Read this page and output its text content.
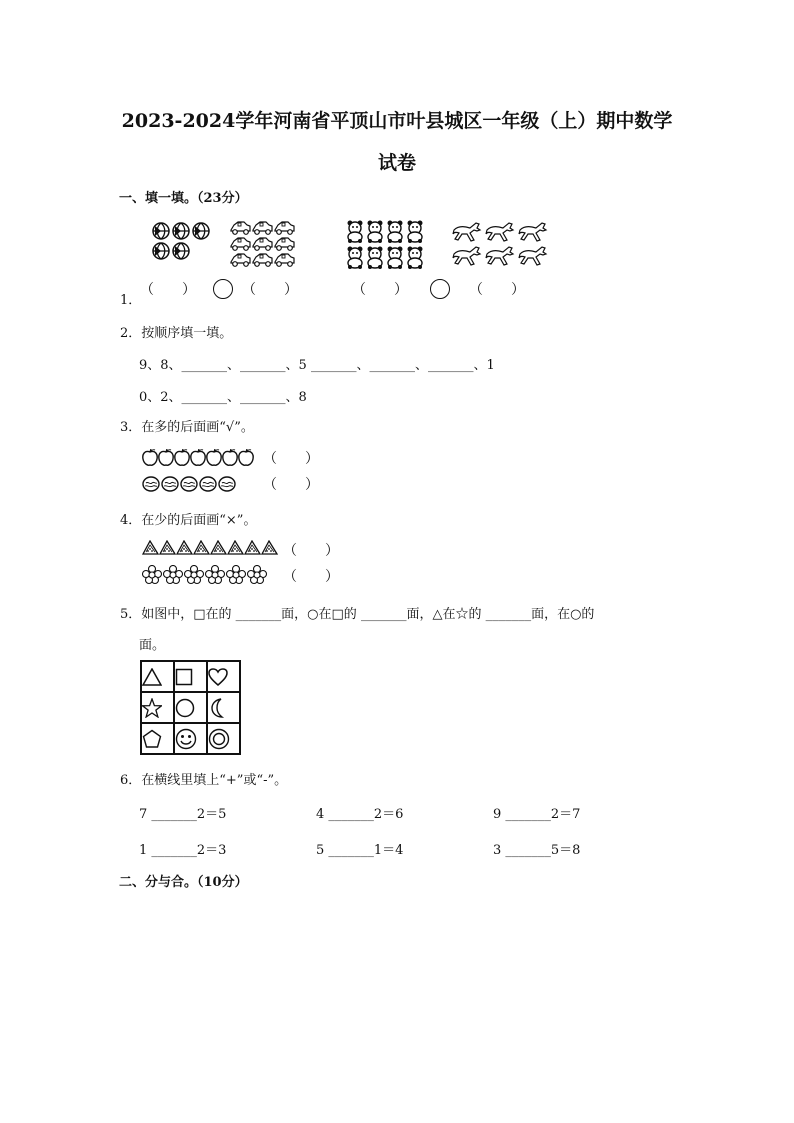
2023-2024学年河南省平顶山市叶县城区一年级（上）期中数学
试卷
一、填一填。（23分）
1．
（　　）	（　　）	（　　）	（　　）
2．按顺序填一填。
9、8、_______、_______、5 _______、_______、_______、1
0、2、_______、_______、8
3．在多的后面画“√”。
（　　）
（　　）
4．在少的后面画“×”。
（　　）
（　　）
5．如图中，□在的 _______面，○在□的 _______面，△在☆的 _______面，在○的
面。

6．在横线里填上“+”或“-”。
7 _______2＝5	4 _______2＝6	9 _______2＝7
1 _______2＝3	5 _______1＝4	3 _______5＝8
二、分与合。（10分）
